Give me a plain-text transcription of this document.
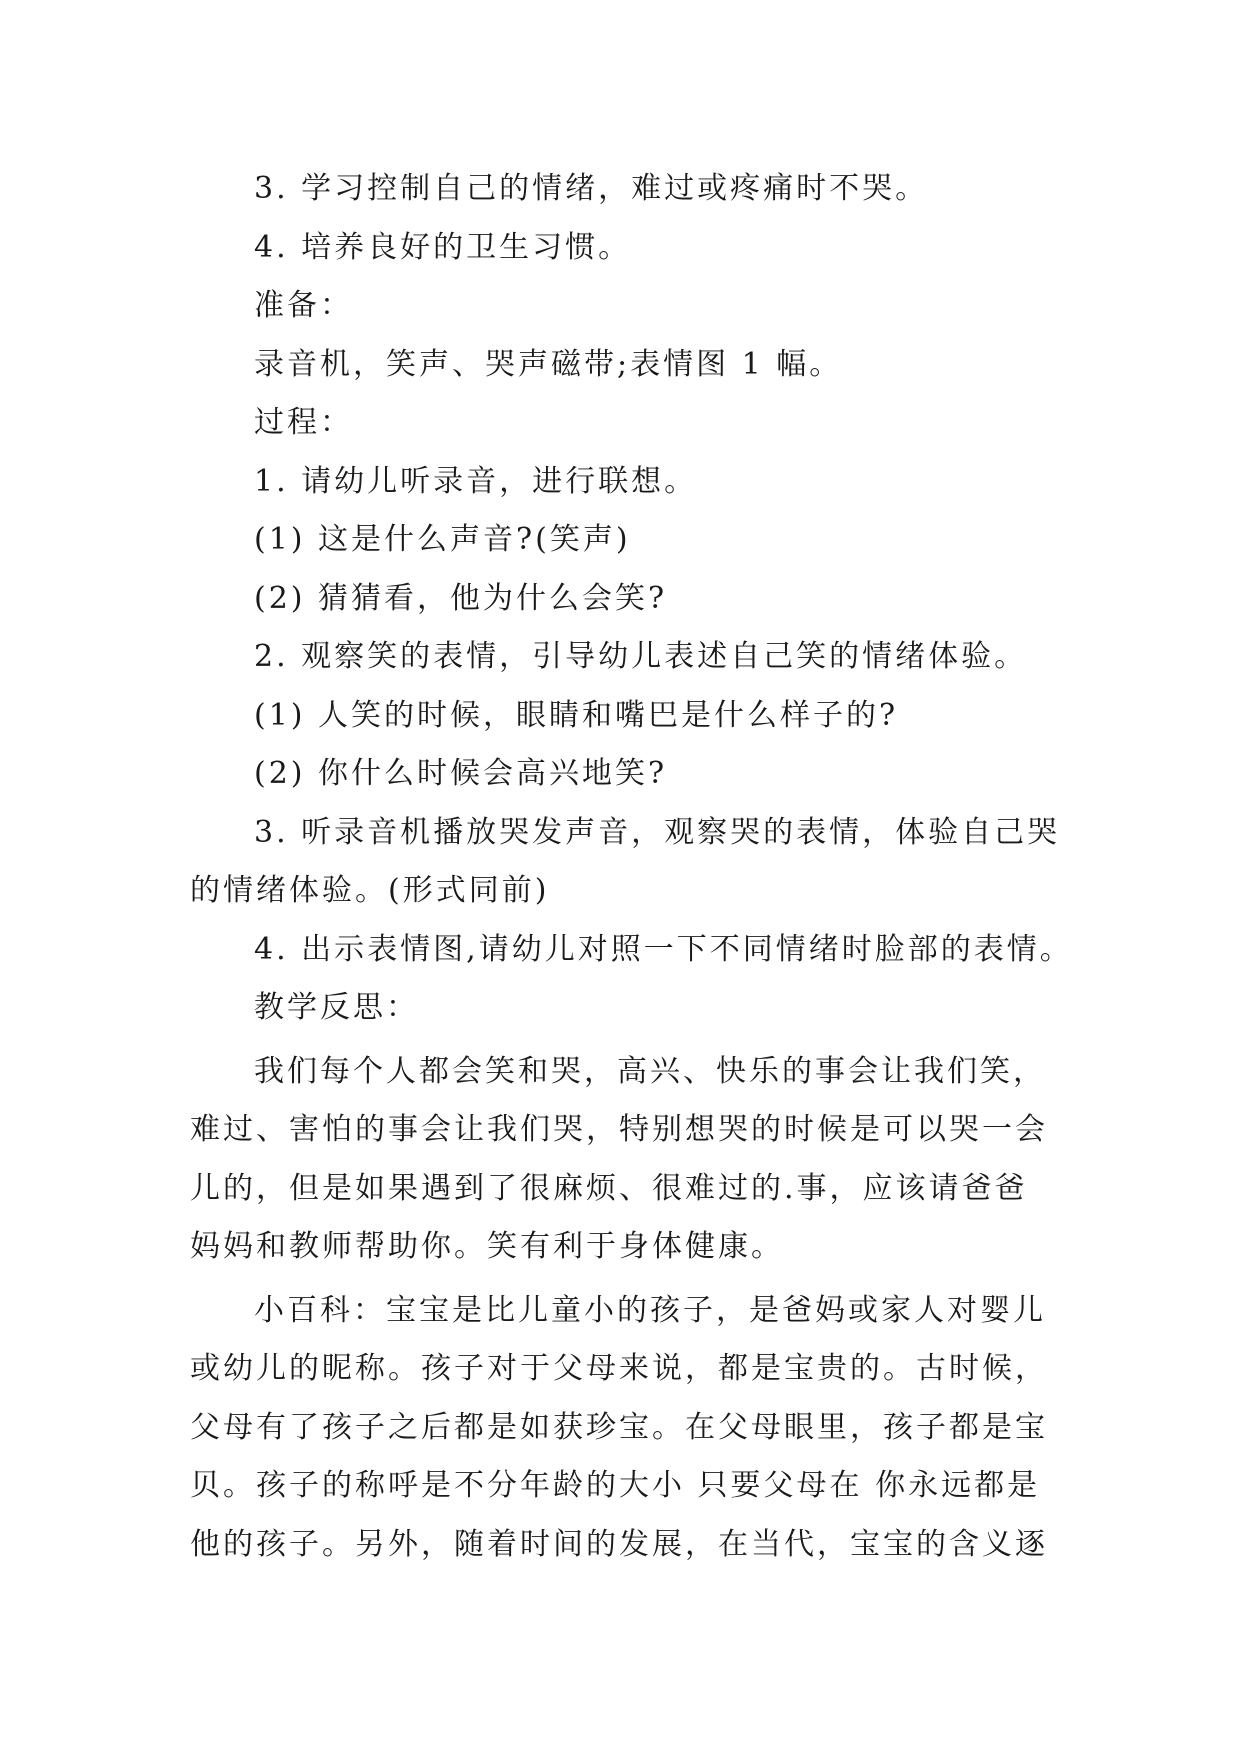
3. 学习控制自己的情绪，难过或疼痛时不哭。
4. 培养良好的卫生习惯。
准备：
录音机，笑声、哭声磁带;表情图 1 幅。
过程：
1. 请幼儿听录音，进行联想。
(1) 这是什么声音?(笑声)
(2) 猜猜看，他为什么会笑?
2. 观察笑的表情，引导幼儿表述自己笑的情绪体验。
(1) 人笑的时候，眼睛和嘴巴是什么样子的?
(2) 你什么时候会高兴地笑?
3. 听录音机播放哭发声音，观察哭的表情，体验自己哭
的情绪体验。(形式同前)
4. 出示表情图,请幼儿对照一下不同情绪时脸部的表情。
教学反思：
我们每个人都会笑和哭，高兴、快乐的事会让我们笑，
难过、害怕的事会让我们哭，特别想哭的时候是可以哭一会
儿的，但是如果遇到了很麻烦、很难过的.事，应该请爸爸
妈妈和教师帮助你。笑有利于身体健康。
小百科：宝宝是比儿童小的孩子，是爸妈或家人对婴儿
或幼儿的昵称。孩子对于父母来说，都是宝贵的。古时候，
父母有了孩子之后都是如获珍宝。在父母眼里，孩子都是宝
贝。孩子的称呼是不分年龄的大小 只要父母在 你永远都是
他的孩子。另外，随着时间的发展，在当代，宝宝的含义逐
